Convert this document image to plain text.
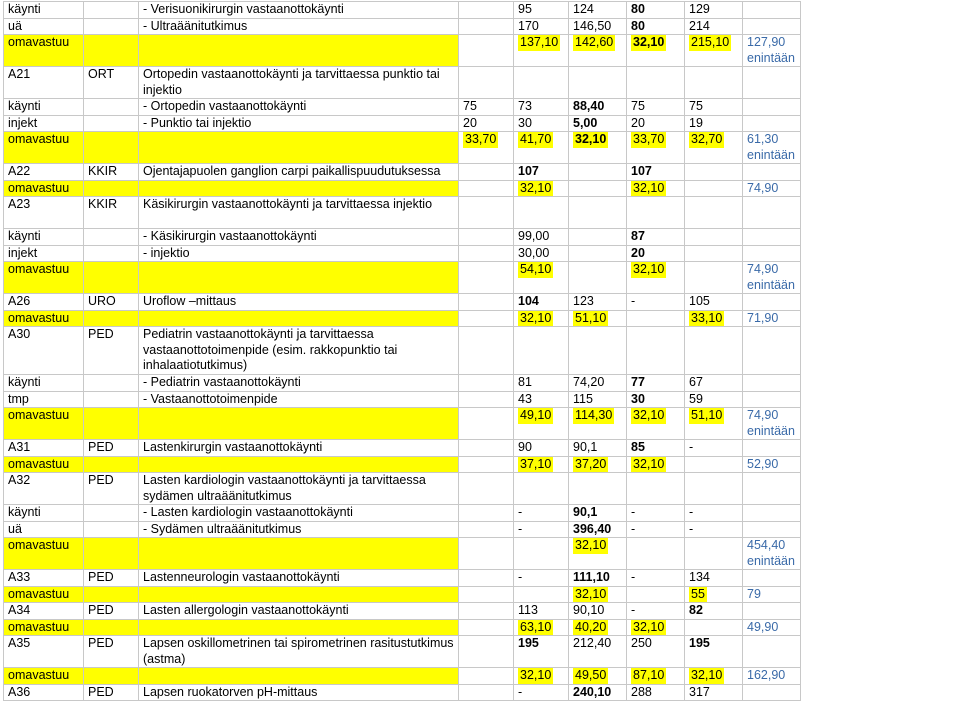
käynti		- Verisuonikirurgin vastaanottokäynti		95	124	80	129	
uä		- Ultraäänitutkimus		170	146,50	80	214	
omavastuu				137,10	142,60	32,10	215,10	127,90 enintään
A21	ORT	Ortopedin vastaanottokäynti ja tarvittaessa punktio tai injektio						
käynti		- Ortopedin vastaanottokäynti	75	73	88,40	75	75	
injekt		- Punktio tai injektio	20	30	5,00	20	19	
omavastuu			33,70	41,70	32,10	33,70	32,70	61,30 enintään
A22	KKIR	Ojentajapuolen ganglion carpi paikallispuudutuksessa		107		107		
omavastuu				32,10		32,10		74,90
A23	KKIR	Käsikirurgin vastaanottokäynti ja tarvittaessa injektio						
käynti		- Käsikirurgin vastaanottokäynti		99,00		87		
injekt		- injektio		30,00		20		
omavastuu				54,10		32,10		74,90 enintään
A26	URO	Uroflow –mittaus		104	123	-	105	
omavastuu				32,10	51,10		33,10	71,90
A30	PED	Pediatrin vastaanottokäynti ja tarvittaessa vastaanottotoimenpide (esim. rakkopunktio tai inhalaatiotutkimus)						
käynti		- Pediatrin vastaanottokäynti		81	74,20	77	67	
tmp		- Vastaanottotoimenpide		43	115	30	59	
omavastuu				49,10	114,30	32,10	51,10	74,90 enintään
A31	PED	Lastenkirurgin vastaanottokäynti		90	90,1	85	-	
omavastuu				37,10	37,20	32,10		52,90
A32	PED	Lasten kardiologin vastaanottokäynti ja tarvittaessa sydämen ultraäänitutkimus						
käynti		- Lasten kardiologin vastaanottokäynti		-	90,1	-	-	
uä		- Sydämen ultraäänitutkimus		-	396,40	-	-	
omavastuu					32,10			454,40 enintään
A33	PED	Lastenneurologin vastaanottokäynti		-	111,10	-	134	
omavastuu					32,10		55	79
A34	PED	Lasten allergologin vastaanottokäynti		113	90,10	-	82	
omavastuu				63,10	40,20	32,10		49,90
A35	PED	Lapsen oskillometrinen tai spirometrinen rasitustutkimus (astma)		195	212,40	250	195	
omavastuu				32,10	49,50	87,10	32,10	162,90
A36	PED	Lapsen ruokatorven pH-mittaus		-	240,10	288	317	
